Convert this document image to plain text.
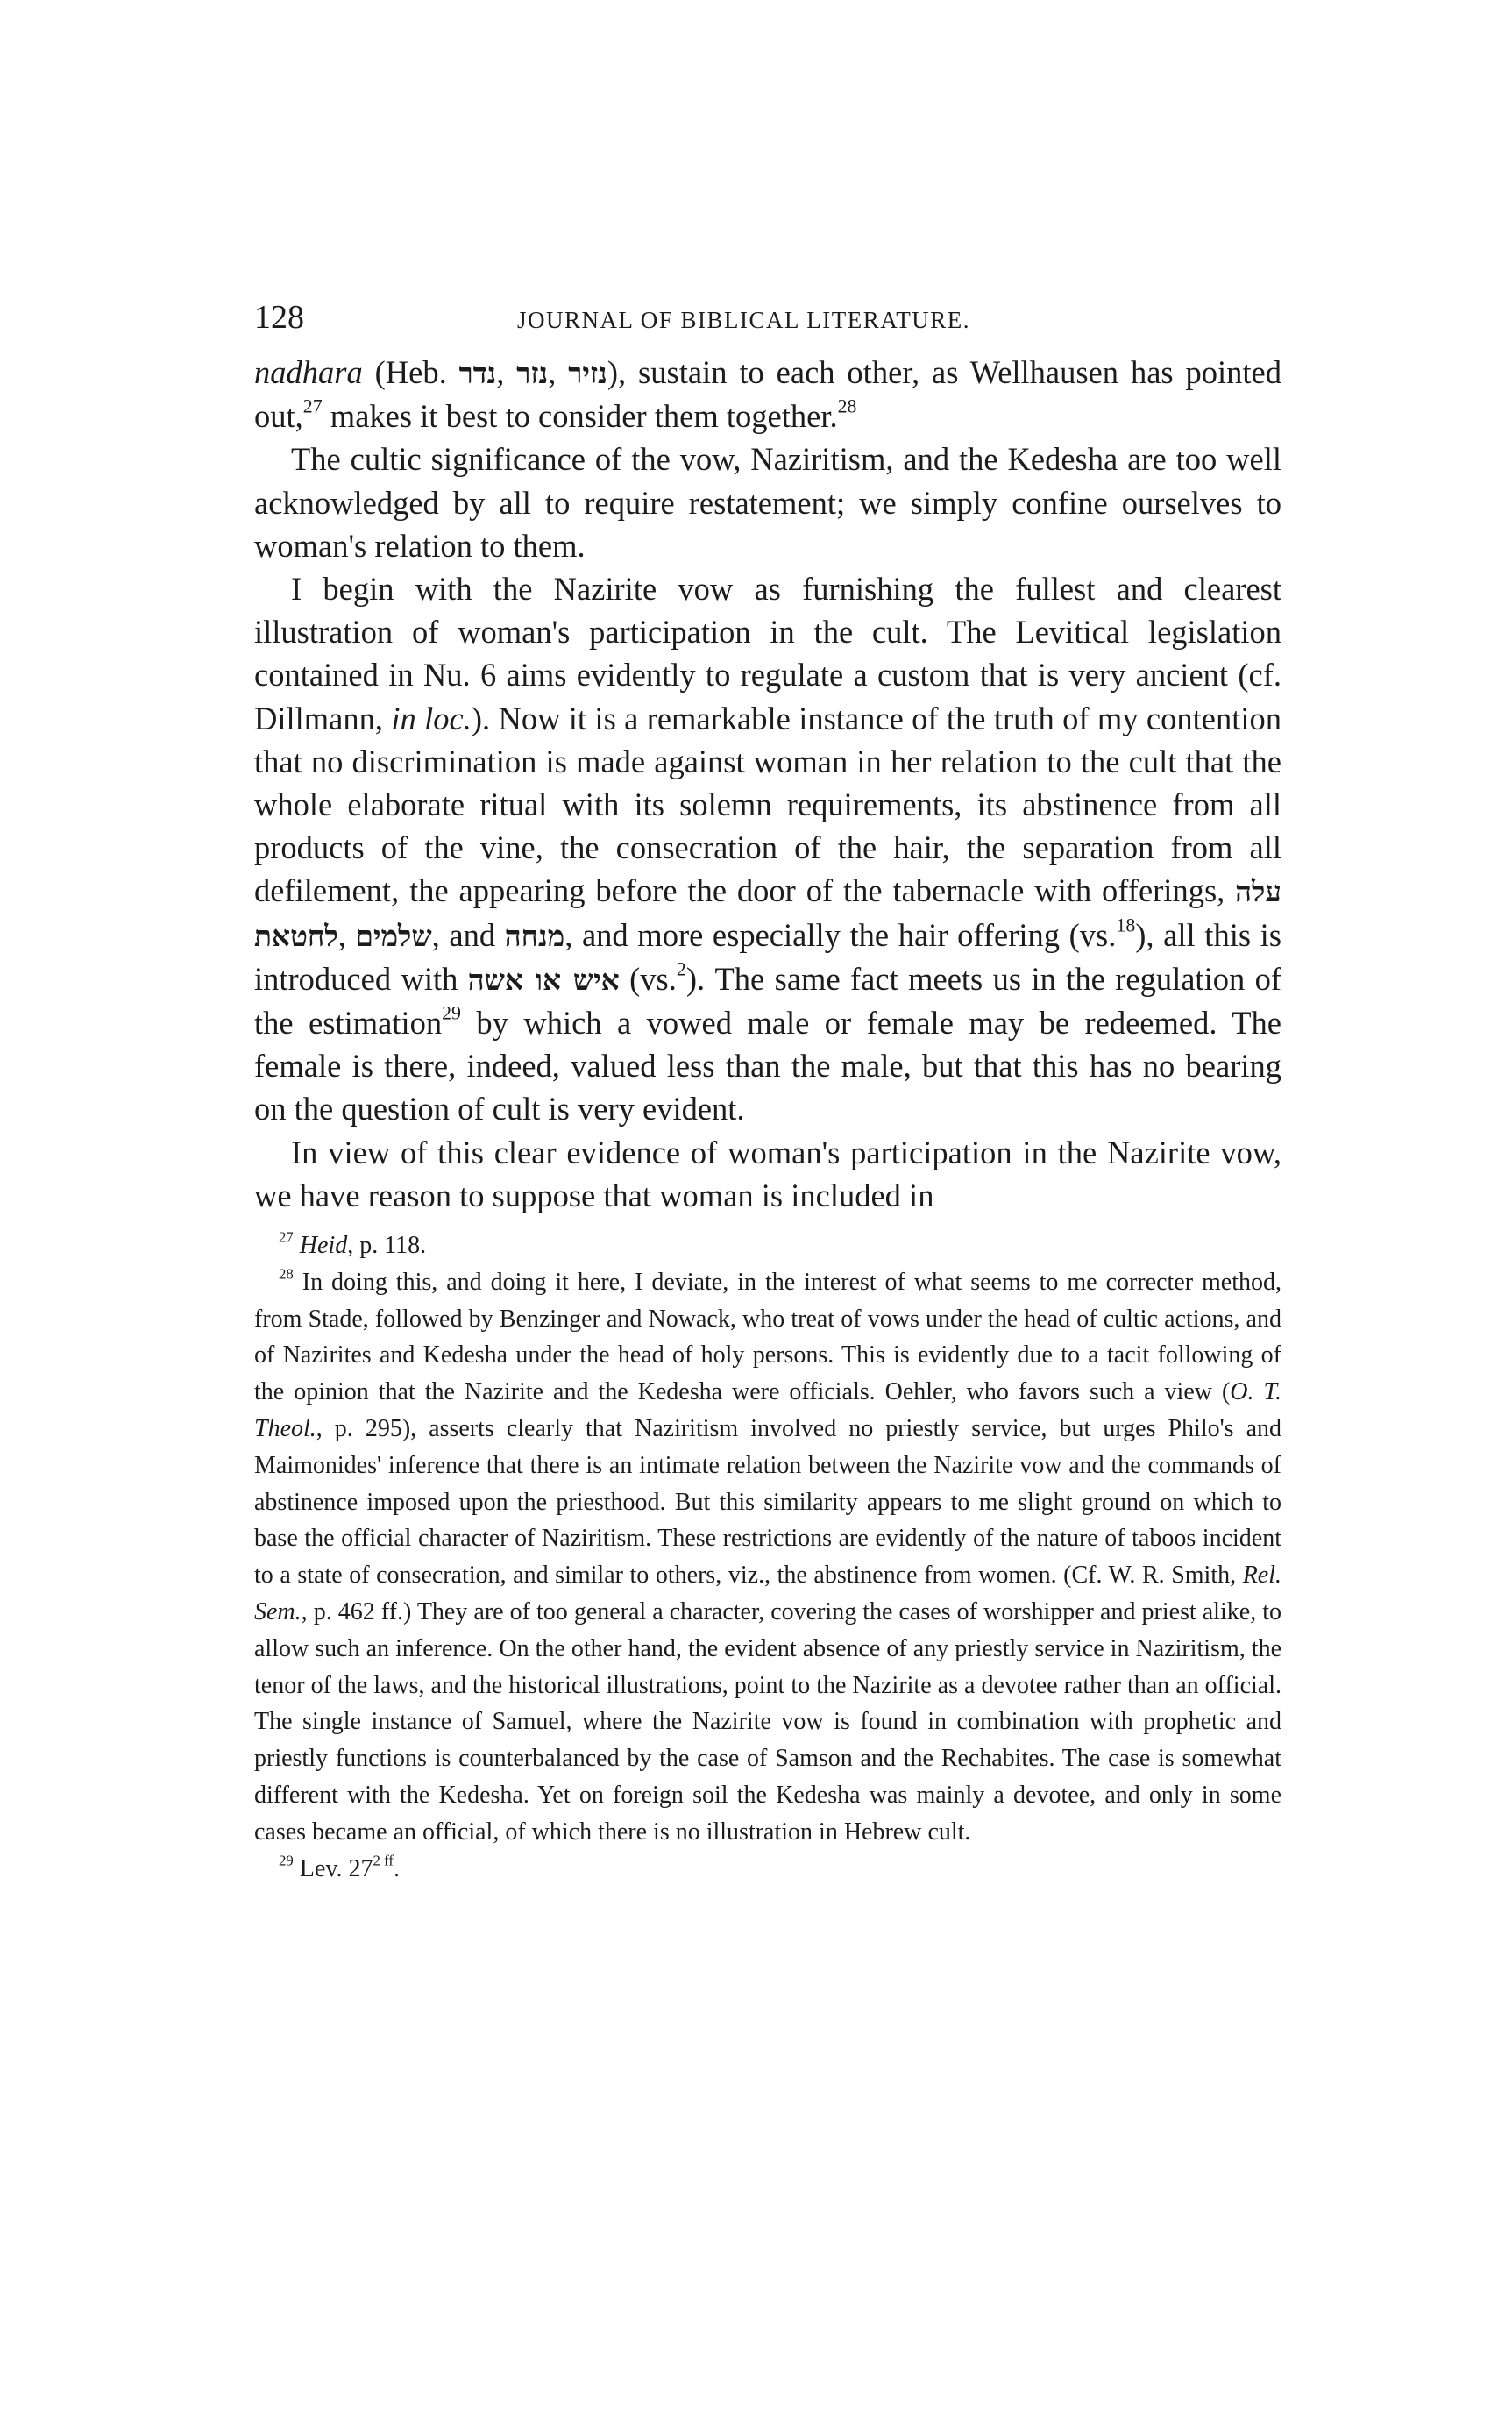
128	JOURNAL OF BIBLICAL LITERATURE.

nadhara (Heb. נדר, נזר, נזיר), sustain to each other, as Wellhausen has pointed out,$^{27}$ makes it best to consider them together.$^{28}$

The cultic significance of the vow, Naziritism, and the Kedesha are too well acknowledged by all to require restatement; we simply confine ourselves to woman's relation to them.

I begin with the Nazirite vow as furnishing the fullest and clearest illustration of woman's participation in the cult. The Levitical legislation contained in Nu. 6 aims evidently to regulate a custom that is very ancient (cf. Dillmann, in loc.). Now it is a remarkable instance of the truth of my contention that no discrimination is made against woman in her relation to the cult that the whole elaborate ritual with its solemn requirements, its abstinence from all products of the vine, the consecration of the hair, the separation from all defilement, the appearing before the door of the tabernacle with offerings, עלה לחטאת, שלמים, and מנחה, and more especially the hair offering (vs.$^{18}$), all this is introduced with איש או אשה (vs.$^2$). The same fact meets us in the regulation of the estimation$^{29}$ by which a vowed male or female may be redeemed. The female is there, indeed, valued less than the male, but that this has no bearing on the question of cult is very evident.

In view of this clear evidence of woman's participation in the Nazirite vow, we have reason to suppose that woman is included in

$^{27}$ Heid, p. 118.

$^{28}$ In doing this, and doing it here, I deviate, in the interest of what seems to me correcter method, from Stade, followed by Benzinger and Nowack, who treat of vows under the head of cultic actions, and of Nazirites and Kedesha under the head of holy persons. This is evidently due to a tacit following of the opinion that the Nazirite and the Kedesha were officials. Oehler, who favors such a view (O. T. Theol., p. 295), asserts clearly that Naziritism involved no priestly service, but urges Philo's and Maimonides' inference that there is an intimate relation between the Nazirite vow and the commands of abstinence imposed upon the priesthood. But this similarity appears to me slight ground on which to base the official character of Naziritism. These restrictions are evidently of the nature of taboos incident to a state of consecration, and similar to others, viz., the abstinence from women. (Cf. W. R. Smith, Rel. Sem., p. 462 ff.) They are of too general a character, covering the cases of worshipper and priest alike, to allow such an inference. On the other hand, the evident absence of any priestly service in Naziritism, the tenor of the laws, and the historical illustrations, point to the Nazirite as a devotee rather than an official. The single instance of Samuel, where the Nazirite vow is found in combination with prophetic and priestly functions is counterbalanced by the case of Samson and the Rechabites. The case is somewhat different with the Kedesha. Yet on foreign soil the Kedesha was mainly a devotee, and only in some cases became an official, of which there is no illustration in Hebrew cult.

$^{29}$ Lev. $27^{2 ff}$.
